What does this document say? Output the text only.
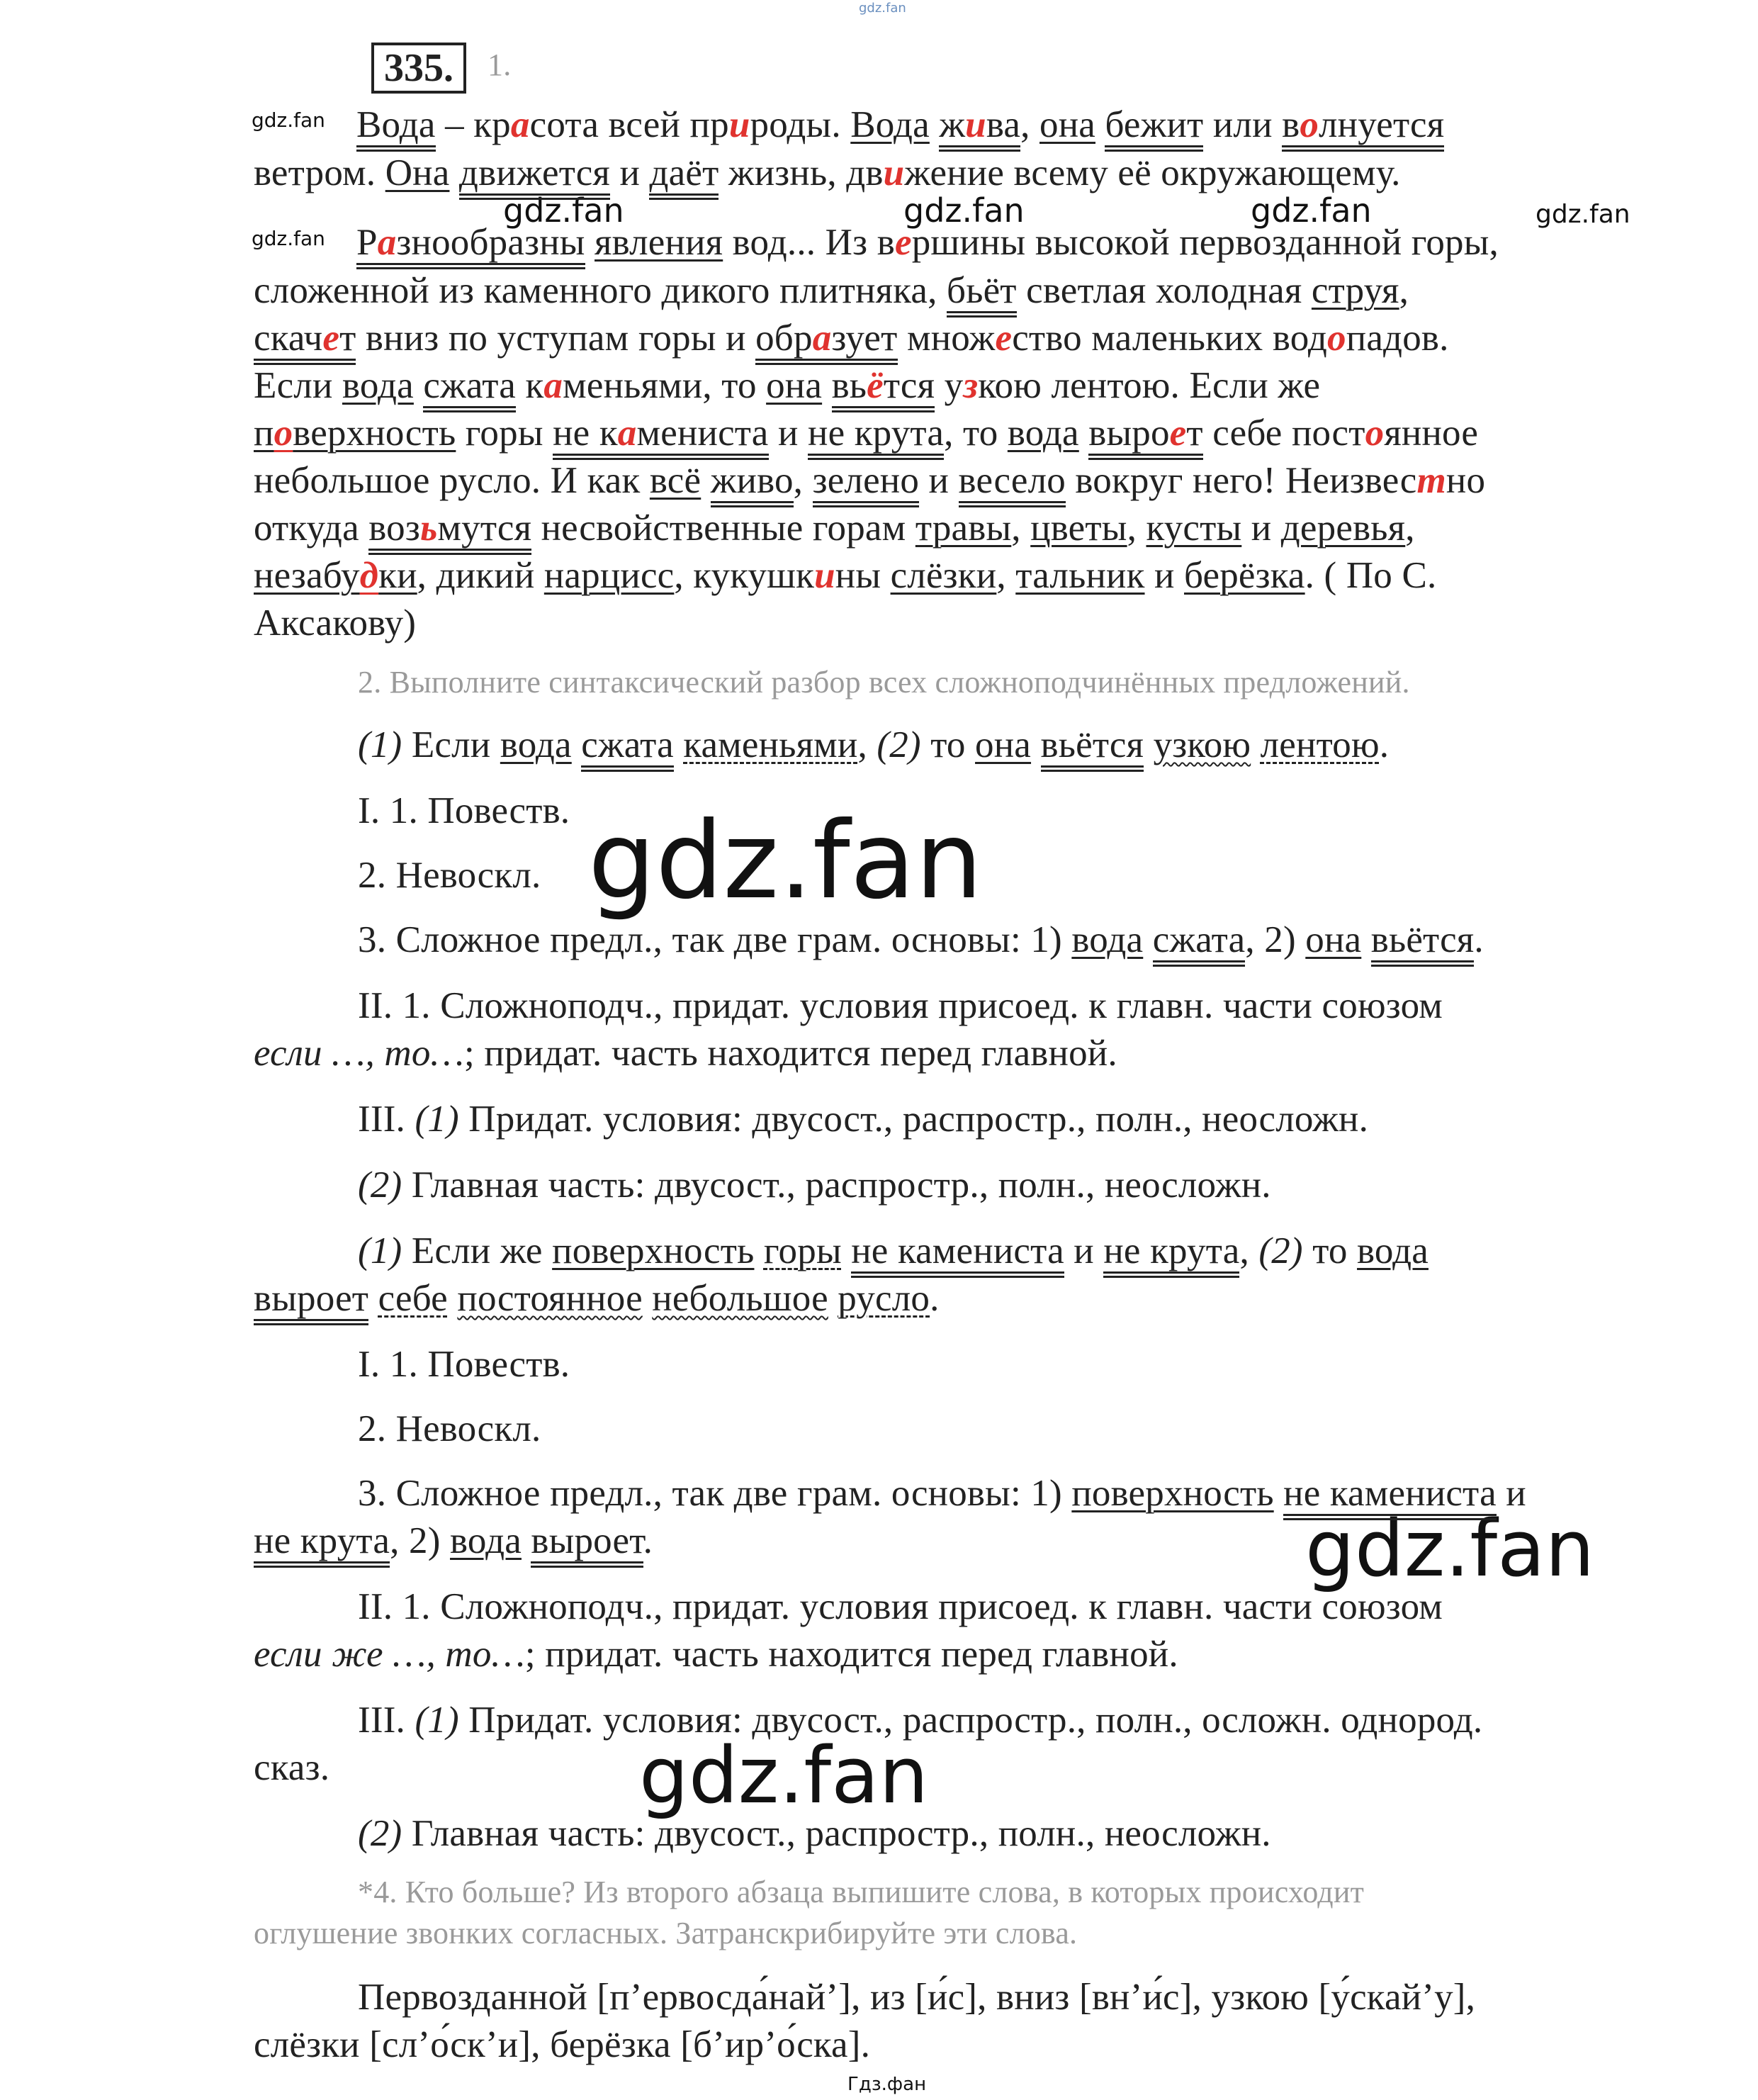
gdz.fan
gdz.fan
gdz.fan
gdz.fan	gdz.fan	gdz.fan	gdz.fan
gdz.fan
gdz.fan
gdz.fan
Гдз.фан
335.	1.
Вода – красота всей природы. Вода жива, она бежит или волнуется
ветром. Она движется и даёт жизнь, движение всему её окружающему.
Разнообразны явления вод... Из вершины высокой первозданной горы,
сложенной из каменного дикого плитняка, бьёт светлая холодная струя,
скачет вниз по уступам горы и образует множество маленьких водопадов.
Если вода сжата каменьями, то она вьётся узкою лентою. Если же
поверхность горы не камениста и не крута, то вода выроет себе постоянное
небольшое русло. И как всё живо, зелено и весело вокруг него! Неизвестно
откуда возьмутся несвойственные горам травы, цветы, кусты и деревья,
незабудки, дикий нарцисс, кукушкины слёзки, тальник и берёзка. ( По С.
Аксакову)
2. Выполните синтаксический разбор всех сложноподчинённых предложений.
(1) Если вода сжата каменьями, (2) то она вьётся узкою лентою.
I. 1. Повеств.
2. Невоскл.
3. Сложное предл., так две грам. основы: 1) вода сжата, 2) она вьётся.
II. 1. Сложноподч., придат. условия присоед. к главн. части союзом
если …, то…; придат. часть находится перед главной.
III. (1) Придат. условия: двусост., распростр., полн., неосложн.
(2) Главная часть: двусост., распростр., полн., неосложн.
(1) Если же поверхность горы не камениста и не крута, (2) то вода
выроет себе постоянное небольшое русло.
I. 1. Повеств.
2. Невоскл.
3. Сложное предл., так две грам. основы: 1) поверхность не камениста и
не крута, 2) вода выроет.
II. 1. Сложноподч., придат. условия присоед. к главн. части союзом
если же …, то…; придат. часть находится перед главной.
III. (1) Придат. условия: двусост., распростр., полн., осложн. однород.
сказ.
(2) Главная часть: двусост., распростр., полн., неосложн.
*4. Кто больше? Из второго абзаца выпишите слова, в которых происходит
оглушение звонких согласных. Затранскрибируйте эти слова.
Первозданной [п’ервосда́най’], из [и́с], вниз [вн’и́с], узкою [у́скай’у],
слёзки [сл’о́ск’и], берёзка [б’ир’о́ска].
